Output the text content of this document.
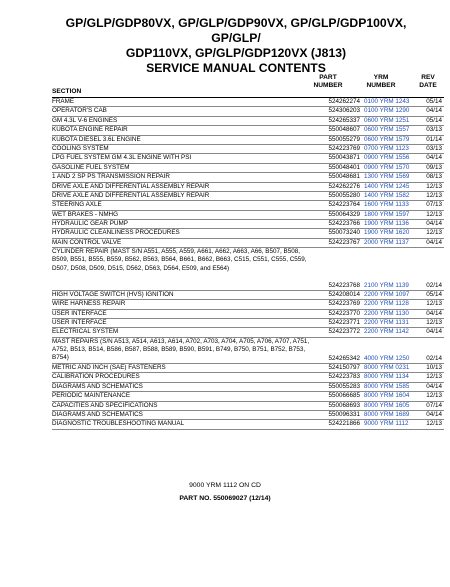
GP/GLP/GDP80VX, GP/GLP/GDP90VX, GP/GLP/GDP100VX, GP/GLP/
GDP110VX, GP/GLP/GDP120VX (J813)
SERVICE MANUAL CONTENTS
SECTION
PART
NUMBER
YRM
NUMBER
REV
DATE
FRAME	524262274 0100 YRM 1243	05/14
OPERATOR'S CAB	524306203 0100 YRM 1290	04/14
GM 4.3L V-6 ENGINES	524265337 0600 YRM 1251	05/14
KUBOTA ENGINE REPAIR	550048607 0600 YRM 1557	03/13
KUBOTA DIESEL 3.6L ENGINE	550055279 0600 YRM 1579	01/14
COOLING SYSTEM	524223769 0700 YRM 1123	03/13
LPG FUEL SYSTEM GM 4.3L ENGINE WITH PSI	550043871 0900 YRM 1556	04/14
GASOLINE FUEL SYSTEM	550048401 0900 YRM 1570	09/13
1 AND 2 SP PS TRANSMISSION REPAIR	550048681 1300 YRM 1569	08/13
DRIVE AXLE AND DIFFERENTIAL ASSEMBLY REPAIR	524262276 1400 YRM 1245	12/13
DRIVE AXLE AND DIFFERENTIAL ASSEMBLY REPAIR	550055280 1400 YRM 1582	12/13
STEERING AXLE	524223764 1600 YRM 1133	07/13
WET BRAKES - NMHG	550064329 1800 YRM 1597	12/13
HYDRAULIC GEAR PUMP	524223766 1900 YRM 1136	04/14
HYDRAULIC CLEANLINESS PROCEDURES	550073240 1900 YRM 1620	12/13
MAIN CONTROL VALVE	524223767 2000 YRM 1137	04/14
CYLINDER REPAIR (MAST S/N A551, A555, A559, A661, A662, A663, A66, B507, B508, B509, B551, B555, B559, B562, B563, B564, B661, B662, B663, C515, C551, C555, C559, D507, D508, D509, D515, D562, D563, D564, E509, and E564)
524223768 2100 YRM 1139	02/14
HIGH VOLTAGE SWITCH (HVS) IGNITION	524208014 2200 YRM 1097	05/14
WIRE HARNESS REPAIR	524223769 2200 YRM 1128	12/13
USER INTERFACE	524223770 2200 YRM 1130	04/14
USER INTERFACE	524223771 2200 YRM 1131	12/13
ELECTRICAL SYSTEM	524223772 2200 YRM 1142	04/14
MAST REPAIRS (S/N A513, A514, A613, A614, A702, A703, A704, A705, A706, A707, A751, A752, B513, B514, B586, B587, B588, B589, B590, B591, B749, B750, B751, B752, B753, B754)	524265342 4000 YRM 1250	02/14
METRIC AND INCH (SAE) FASTENERS	524150797 8000 YRM 0231	10/13
CALIBRATION PROCEDURES	524223783 8000 YRM 1134	12/13
DIAGRAMS AND SCHEMATICS	550055283 8000 YRM 1585	04/14
PERIODIC MAINTENANCE	550066685 8000 YRM 1604	12/13
CAPACITIES AND SPECIFICATIONS	550068693 8000 YRM 1605	07/14
DIAGRAMS AND SCHEMATICS	550096331 8000 YRM 1689	04/14
DIAGNOSTIC TROUBLESHOOTING MANUAL	524221866 9000 YRM 1112	12/13
9000 YRM 1112 ON CD
PART NO. 550069027 (12/14)
